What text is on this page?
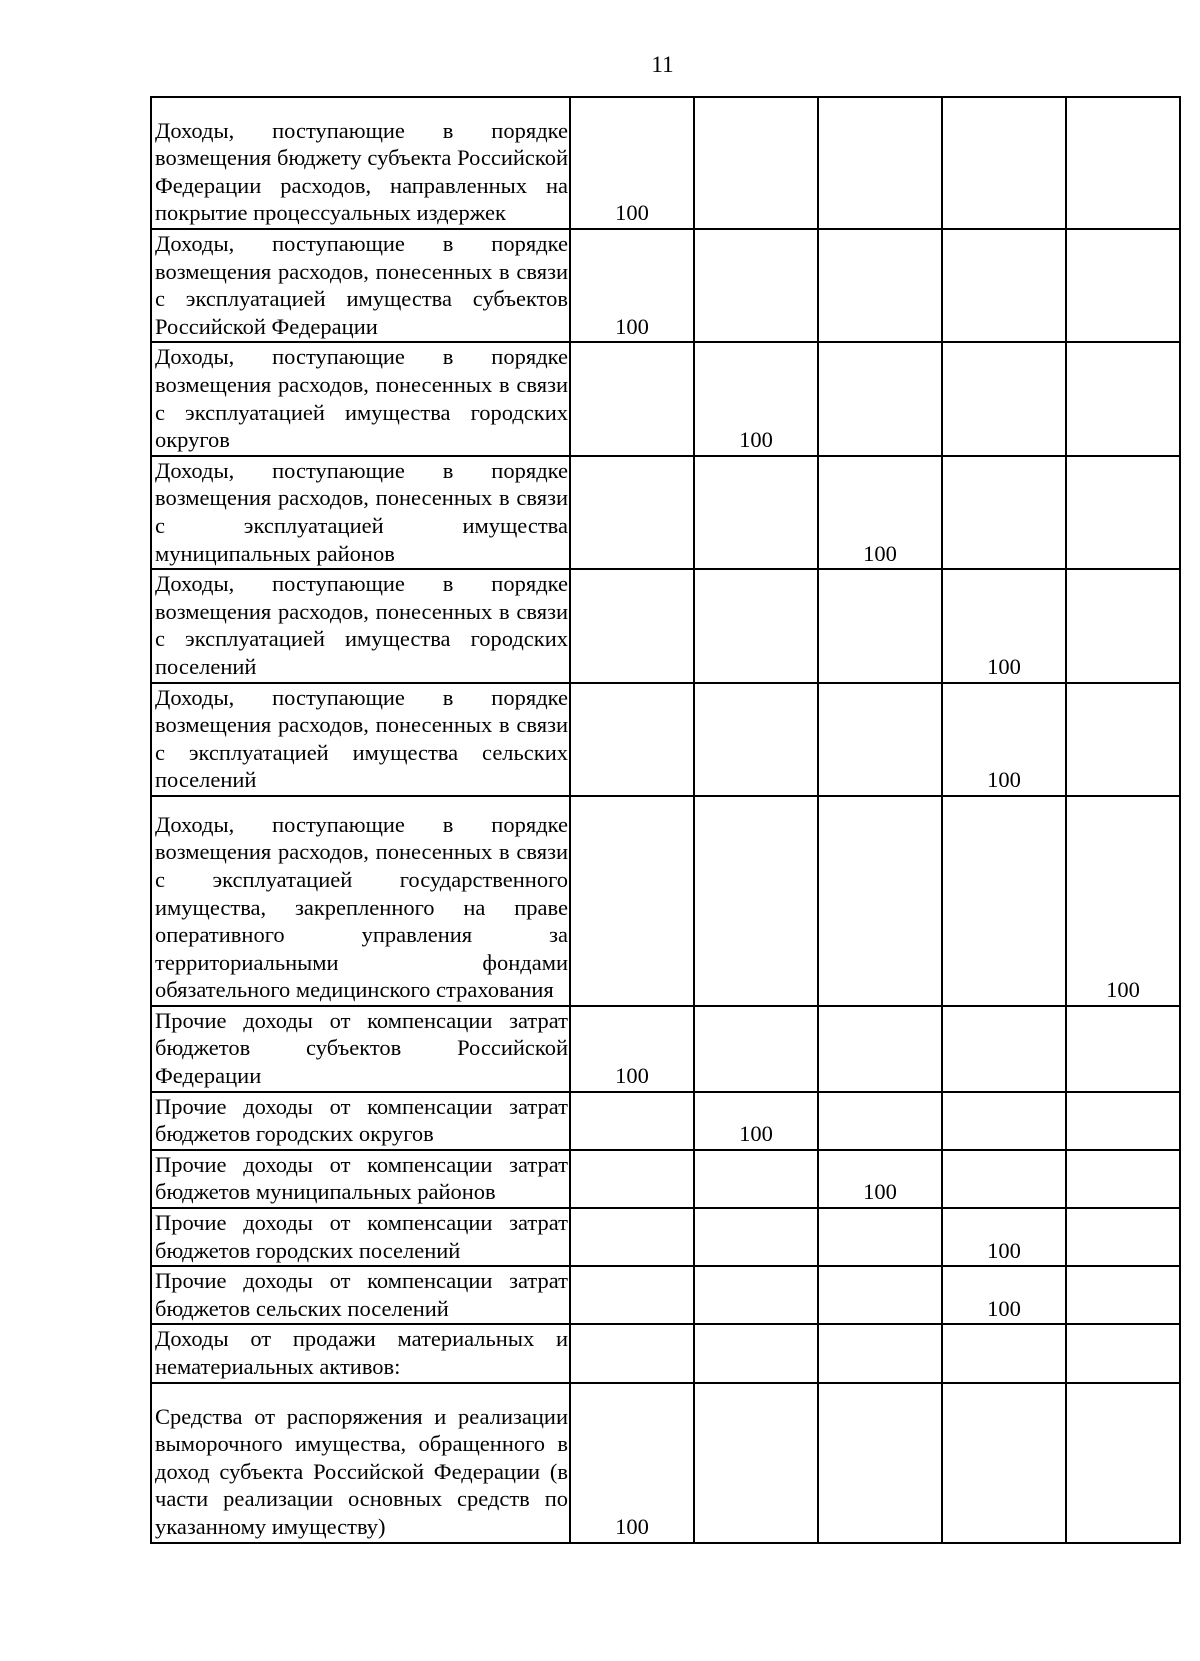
11
Доходы, поступающие в порядке возмещения бюджету субъекта Российской Федерации расходов, направленных на покрытие процессуальных издержек	100				
Доходы, поступающие в порядке возмещения расходов, понесенных в связи с эксплуатацией имущества субъектов Российской Федерации	100				
Доходы, поступающие в порядке возмещения расходов, понесенных в связи с эксплуатацией имущества городских округов		100			
Доходы, поступающие в порядке возмещения расходов, понесенных в связи с эксплуатацией имущества муниципальных районов			100		
Доходы, поступающие в порядке возмещения расходов, понесенных в связи с эксплуатацией имущества городских поселений				100	
Доходы, поступающие в порядке возмещения расходов, понесенных в связи с эксплуатацией имущества сельских поселений				100	
Доходы, поступающие в порядке возмещения расходов, понесенных в связи с эксплуатацией государственного имущества, закрепленного на праве оперативного управления за территориальными фондами обязательного медицинского страхования					100
Прочие доходы от компенсации затрат бюджетов субъектов Российской Федерации	100				
Прочие доходы от компенсации затрат бюджетов городских округов		100			
Прочие доходы от компенсации затрат бюджетов муниципальных районов			100		
Прочие доходы от компенсации затрат бюджетов городских поселений				100	
Прочие доходы от компенсации затрат бюджетов сельских поселений				100	
Доходы от продажи материальных и нематериальных активов:					
Средства от распоряжения и реализации выморочного имущества, обращенного в доход субъекта Российской Федерации (в части реализации основных средств по указанному имуществу)	100				
